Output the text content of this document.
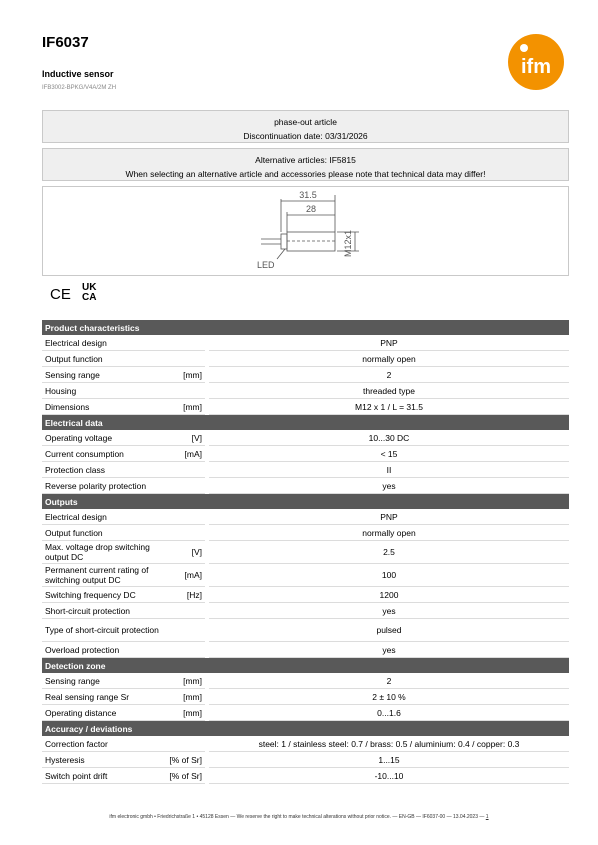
IF6037
Inductive sensor
IFB3002-BPKG/V4A/2M ZH
ifm
phase-out article
Discontinuation date: 03/31/2026
Alternative articles: IF5815
When selecting an alternative article and accessories please note that technical data may differ!
31.5
28
M12x1
LED
CE UK
CA
Product characteristics			
Electrical design			PNP
Output function			normally open
Sensing range	[mm]		2
Housing			threaded type
Dimensions	[mm]		M12 x 1 / L = 31.5
Electrical data			
Operating voltage	[V]		10...30 DC
Current consumption	[mA]		< 15
Protection class			II
Reverse polarity protection			yes
Outputs			
Electrical design			PNP
Output function			normally open
Max. voltage drop switching output DC	[V]		2.5
Permanent current rating of switching output DC	[mA]		100
Switching frequency DC	[Hz]		1200
Short-circuit protection			yes
Type of short-circuit protection			pulsed
Overload protection			yes
Detection zone			
Sensing range	[mm]		2
Real sensing range Sr	[mm]		2 ± 10 %
Operating distance	[mm]		0...1.6
Accuracy / deviations			
Correction factor			steel: 1 / stainless steel: 0.7 / brass: 0.5 / aluminium: 0.4 / copper: 0.3
Hysteresis	[% of Sr]		1...15
Switch point drift	[% of Sr]		-10...10
ifm electronic gmbh • Friedrichstraße 1 • 45128 Essen — We reserve the right to make technical alterations without prior notice. — EN-GB — IF6037-00 — 13.04.2023 — 1
